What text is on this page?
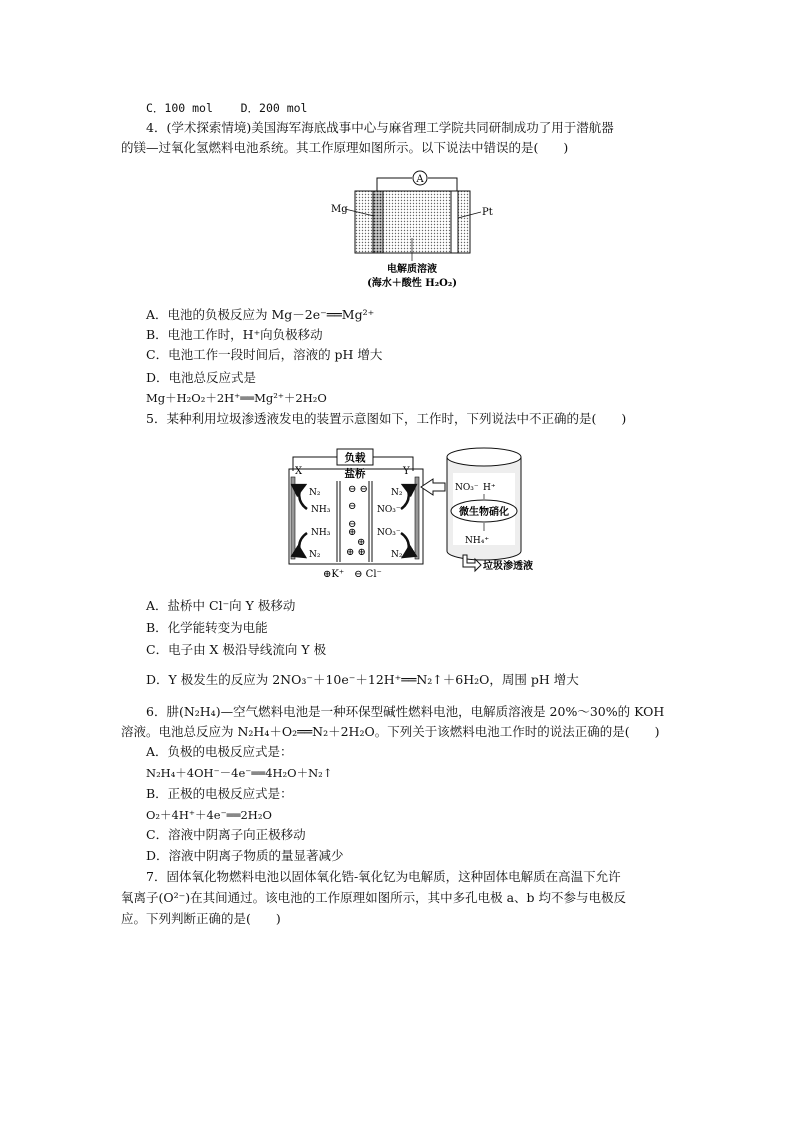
C．100 mol D．200 mol
4．(学术探索情境)美国海军海底战事中心与麻省理工学院共同研制成功了用于潜航器
的镁—过氧化氢燃料电池系统。其工作原理如图所示。以下说法中错误的是(　　)
A
Mg	Pt
电解质溶液
(海水＋酸性 H₂O₂)
A．电池的负极反应为 Mg－2e⁻══Mg²⁺
B．电池工作时，H⁺向负极移动
C．电池工作一段时间后，溶液的 pH 增大
D．电池总反应式是
Mg＋H₂O₂＋2H⁺══Mg²⁺＋2H₂O
5．某种利用垃圾渗透液发电的装置示意图如下，工作时，下列说法中不正确的是(　　)
负载
盐桥
X	Y
⊖ ⊖
⊖
⊖
⊕
⊕
⊕ ⊕
N₂
NH₃
NH₃
N₂
N₂
NO₃⁻
NO₃⁻
N₂
⊕K⁺　⊖ Cl⁻
NO₃⁻ H⁺
微生物硝化
NH₄⁺
垃圾渗透液
A．盐桥中 Cl⁻向 Y 极移动
B．化学能转变为电能
C．电子由 X 极沿导线流向 Y 极
D．Y 极发生的反应为 2NO₃⁻＋10e⁻＋12H⁺══N₂↑＋6H₂O，周围 pH 增大
6．肼(N₂H₄)—空气燃料电池是一种环保型碱性燃料电池，电解质溶液是 20%～30%的 KOH
溶液。电池总反应为 N₂H₄＋O₂══N₂＋2H₂O。下列关于该燃料电池工作时的说法正确的是(　　)
A．负极的电极反应式是：
N₂H₄＋4OH⁻－4e⁻══4H₂O＋N₂↑
B．正极的电极反应式是：
O₂＋4H⁺＋4e⁻══2H₂O
C．溶液中阴离子向正极移动
D．溶液中阴离子物质的量显著减少
7．固体氧化物燃料电池以固体氧化锆-氧化钇为电解质，这种固体电解质在高温下允许
氧离子(O²⁻)在其间通过。该电池的工作原理如图所示，其中多孔电极 a、b 均不参与电极反
应。下列判断正确的是(　　)
